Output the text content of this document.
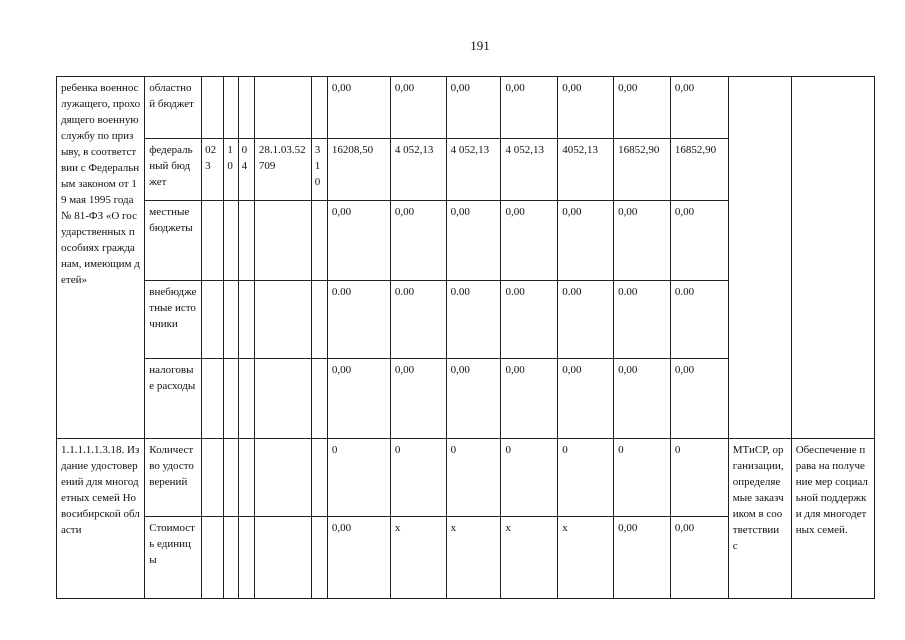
191
ребенка военнослужащего, проходящего военную службу по призыву, в соответствии с Федеральным законом от 19 мая 1995 года № 81-ФЗ «О государственных пособиях гражданам, имеющим детей»	областной бюджет						0,00	0,00	0,00	0,00	0,00	0,00	0,00		
	федеральный бюджет	023	10	04	28.1.03.52709	310	16208,50	4 052,13	4 052,13	4 052,13	4052,13	16852,90	16852,90		
	местные бюджеты						0,00	0,00	0,00	0,00	0,00	0,00	0,00		
	внебюджетные источники						0.00	0.00	0.00	0.00	0.00	0.00	0.00		
	налоговые расходы						0,00	0,00	0,00	0,00	0,00	0,00	0,00		
1.1.1.1.1.3.18. Издание удостоверений для многодетных семей Новосибирской области	Количество удостоверений						0	0	0	0	0	0	0	МТиСР, организации, определяемые заказчиком в соответствии с	Обеспечение права на получение мер социальной поддержки для многодетных семей.
	Стоимость единицы						0,00	x	x	x	x	0,00	0,00		
